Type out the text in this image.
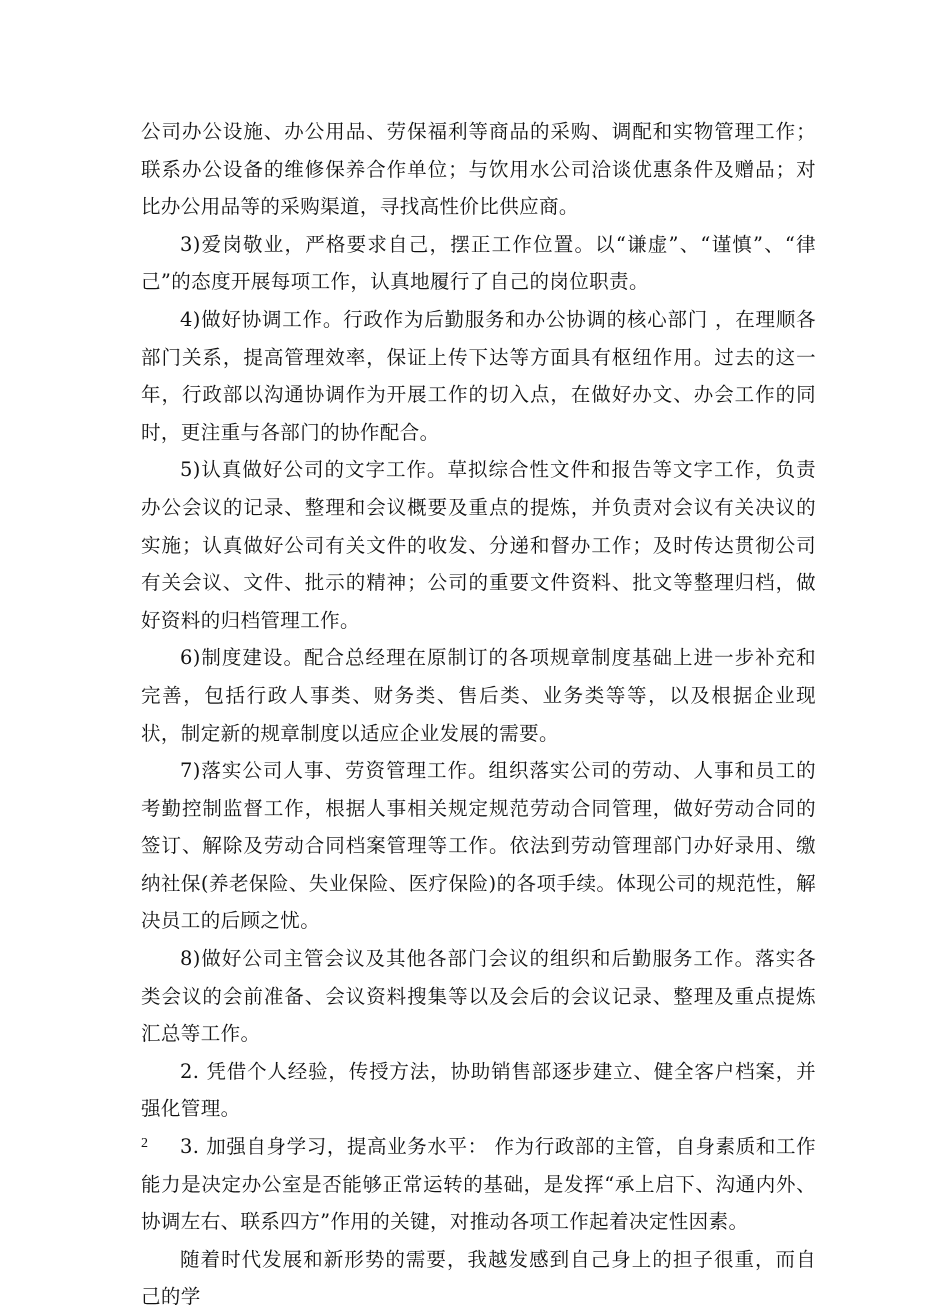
公司办公设施、办公用品、劳保福利等商品的采购、调配和实物管理工作；联系办公设备的维修保养合作单位；与饮用水公司洽谈优惠条件及赠品；对比办公用品等的采购渠道，寻找高性价比供应商。

3)爱岗敬业，严格要求自己，摆正工作位置。以“谦虚”、“谨慎”、“律己”的态度开展每项工作，认真地履行了自己的岗位职责。

4)做好协调工作。行政作为后勤服务和办公协调的核心部门 ，在理顺各部门关系，提高管理效率，保证上传下达等方面具有枢纽作用。过去的这一年，行政部以沟通协调作为开展工作的切入点，在做好办文、办会工作的同时，更注重与各部门的协作配合。

5)认真做好公司的文字工作。草拟综合性文件和报告等文字工作，负责办公会议的记录、整理和会议概要及重点的提炼，并负责对会议有关决议的实施；认真做好公司有关文件的收发、分递和督办工作；及时传达贯彻公司有关会议、文件、批示的精神；公司的重要文件资料、批文等整理归档，做好资料的归档管理工作。

6)制度建设。配合总经理在原制订的各项规章制度基础上进一步补充和完善，包括行政人事类、财务类、售后类、业务类等等，以及根据企业现状，制定新的规章制度以适应企业发展的需要。

7)落实公司人事、劳资管理工作。组织落实公司的劳动、人事和员工的考勤控制监督工作，根据人事相关规定规范劳动合同管理，做好劳动合同的签订、解除及劳动合同档案管理等工作。依法到劳动管理部门办好录用、缴纳社保(养老保险、失业保险、医疗保险)的各项手续。体现公司的规范性，解决员工的后顾之忧。

8)做好公司主管会议及其他各部门会议的组织和后勤服务工作。落实各类会议的会前准备、会议资料搜集等以及会后的会议记录、整理及重点提炼汇总等工作。

2. 凭借个人经验，传授方法，协助销售部逐步建立、健全客户档案，并强化管理。

3. 加强自身学习，提高业务水平： 作为行政部的主管，自身素质和工作能力是决定办公室是否能够正常运转的基础，是发挥“承上启下、沟通内外、协调左右、联系四方”作用的关键，对推动各项工作起着决定性因素。

随着时代发展和新形势的需要，我越发感到自己身上的担子很重，而自己的学

2
